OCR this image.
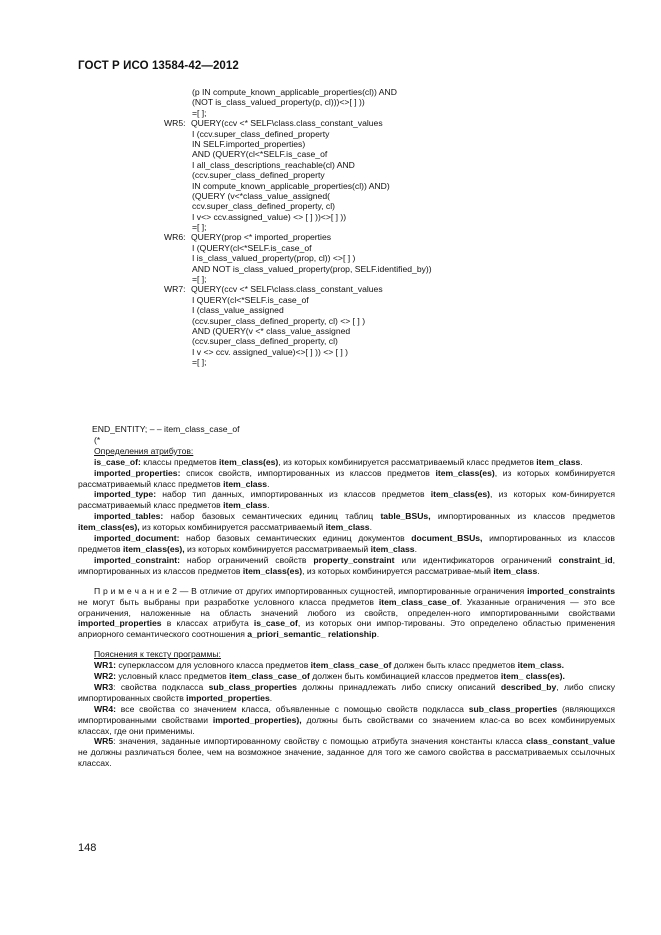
ГОСТ Р ИСО 13584-42—2012
(p IN compute_known_applicable_properties(cl)) AND
(NOT is_class_valued_property(p, cl)))<>[ ] ))
=[ ];
WR5: QUERY(ccv <* SELF\class.class_constant_values
I (ccv.super_class_defined_property
IN SELF.imported_properties)
AND (QUERY(cl<*SELF.is_case_of
I all_class_descriptions_reachable(cl) AND
(ccv.super_class_defined_property
IN compute_known_applicable_properties(cl)) AND)
(QUERY (v<*class_value_assigned(
ccv.super_class_defined_property, cl)
I v<> ccv.assigned_value) <> [ ] ))<>[ ] ))
=[ ];
WR6: QUERY(prop <* imported_properties
I (QUERY(cl<*SELF.is_case_of
I is_class_valued_property(prop, cl)) <>[ ] )
AND NOT is_class_valued_property(prop, SELF.identified_by))
=[ ];
WR7: QUERY(ccv <* SELF\class.class_constant_values
I QUERY(cl<*SELF.is_case_of
I (class_value_assigned
(ccv.super_class_defined_property, cl) <> [ ] )
AND (QUERY(v <* class_value_assigned
(ccv.super_class_defined_property, cl)
I v <> ccv. assigned_value)<>[ ] )) <> [ ] )
=[ ];

END_ENTITY; – – item_class_case_of

(*

Определения атрибутов:

is_case_of: классы предметов item_class(es), из которых комбинируется рассматриваемый класс предметов item_class.

imported_properties: список свойств, импортированных из классов предметов item_class(es), из которых комбинируется рассматриваемый класс предметов item_class.

imported_type: набор тип данных, импортированных из классов предметов item_class(es), из которых ком-бинируется рассматриваемый класс предметов item_class.

imported_tables: набор базовых семантических единиц таблиц table_BSUs, импортированных из классов предметов item_class(es), из которых комбинируется рассматриваемый item_class.

imported_document: набор базовых семантических единиц документов document_BSUs, импортированных из классов предметов item_class(es), из которых комбинируется рассматриваемый item_class.

imported_constraint: набор ограничений свойств property_constraint или идентификаторов ограничений constraint_id, импортированных из классов предметов item_class(es), из которых комбинируется рассматривае-мый item_class.

П р и м е ч а н и е 2 — В отличие от других импортированных сущностей, импортированные ограничения imported_constraints не могут быть выбраны при разработке условного класса предметов item_class_case_of. Указанные ограничения — это все ограничения, наложенные на область значений любого из свойств, определен-ного импортированными свойствами imported_properties в классах атрибута is_case_of, из которых они импор-тированы. Это определено областью применения априорного семантического соотношения a_priori_semantic_ relationship.

Пояснения к тексту программы:

WR1: суперклассом для условного класса предметов item_class_case_of должен быть класс предметов item_class.

WR2: условный класс предметов item_class_case_of должен быть комбинацией классов предметов item_ class(es).

WR3: свойства подкласса sub_class_properties должны принадлежать либо списку описаний described_by, либо списку импортированных свойств imported_properties.

WR4: все свойства со значением класса, объявленные с помощью свойств подкласса sub_class_properties (являющихся импортированными свойствами imported_properties), должны быть свойствами со значением клас-са во всех комбинируемых классах, где они применимы.

WR5: значения, заданные импортированному свойству с помощью атрибута значения константы класса class_constant_value не должны различаться более, чем на возможное значение, заданное для того же самого свойства в рассматриваемых ссылочных классах.

148
